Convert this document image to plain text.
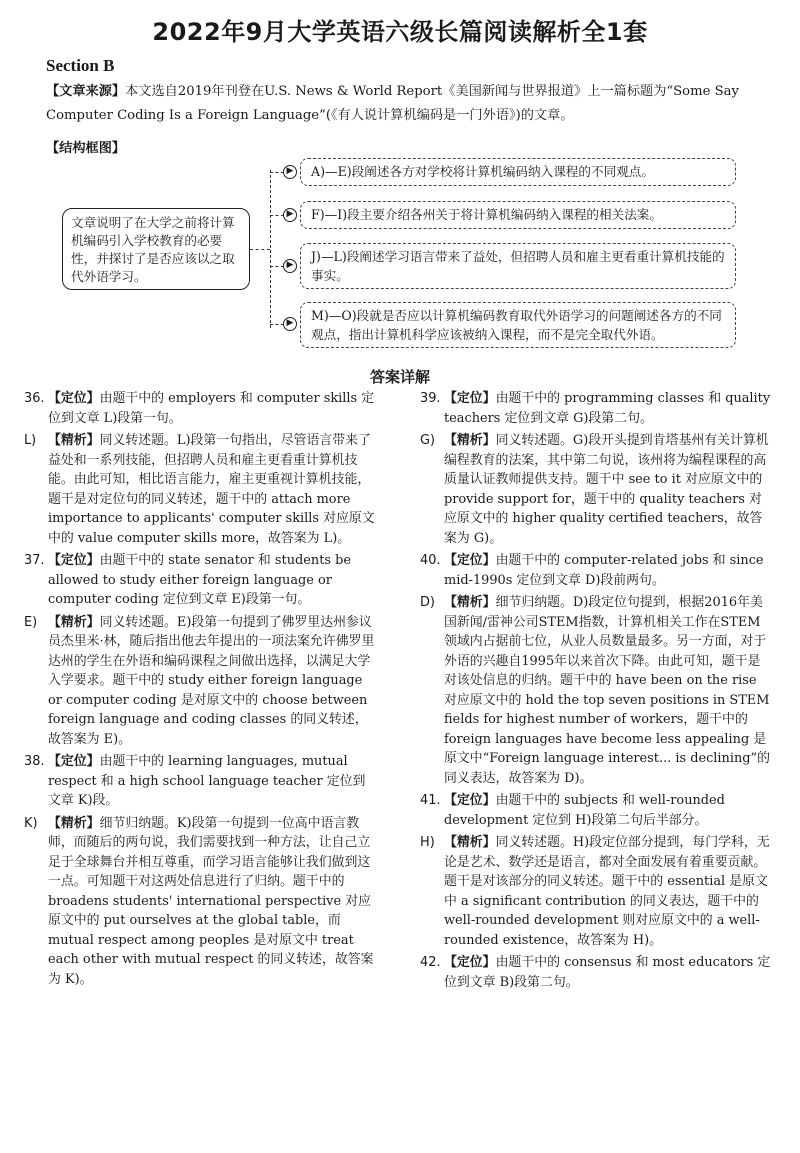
2022年9月大学英语六级长篇阅读解析全1套
Section B
【文章来源】本文选自2019年刊登在U.S. News & World Report《美国新闻与世界报道》上一篇标题为“Some Say Computer Coding Is a Foreign Language”(《有人说计算机编码是一门外语》)的文章。
【结构框图】
文章说明了在大学之前将计算机编码引入学校教育的必要性，并探讨了是否应该以之取代外语学习。
▶	A)—E)段阐述各方对学校将计算机编码纳入课程的不同观点。
▶	F)—I)段主要介绍各州关于将计算机编码纳入课程的相关法案。
▶
J)—L)段阐述学习语言带来了益处，但招聘人员和雇主更看重计算机技能的事实。
▶	M)—O)段就是否应以计算机编码教育取代外语学习的问题阐述各方的不同观点，指出计算机科学应该被纳入课程，而不是完全取代外语。
答案详解
36. 【定位】由题干中的 employers 和 computer skills 定位到文章 L)段第一句。
L) 【精析】同义转述题。L)段第一句指出，尽管语言带来了益处和一系列技能，但招聘人员和雇主更看重计算机技能。由此可知，相比语言能力，雇主更重视计算机技能，题干是对定位句的同义转述，题干中的 attach more importance to applicants' computer skills 对应原文中的 value computer skills more，故答案为 L)。
37. 【定位】由题干中的 state senator 和 students be allowed to study either foreign language or computer coding 定位到文章 E)段第一句。
E) 【精析】同义转述题。E)段第一句提到了佛罗里达州参议员杰里米·林，随后指出他去年提出的一项法案允许佛罗里达州的学生在外语和编码课程之间做出选择，以满足大学入学要求。题干中的 study either foreign language or computer coding 是对原文中的 choose between foreign language and coding classes 的同义转述，故答案为 E)。
38. 【定位】由题干中的 learning languages, mutual respect 和 a high school language teacher 定位到文章 K)段。
K) 【精析】细节归纳题。K)段第一句提到一位高中语言教师，而随后的两句说，我们需要找到一种方法，让自己立足于全球舞台并相互尊重，而学习语言能够让我们做到这一点。可知题干对这两处信息进行了归纳。题干中的 broadens students' international perspective 对应原文中的 put ourselves at the global table，而 mutual respect among peoples 是对原文中 treat each other with mutual respect 的同义转述，故答案为 K)。
39. 【定位】由题干中的 programming classes 和 quality teachers 定位到文章 G)段第二句。
G) 【精析】同义转述题。G)段开头提到肯塔基州有关计算机编程教育的法案，其中第二句说，该州将为编程课程的高质量认证教师提供支持。题干中 see to it 对应原文中的 provide support for，题干中的 quality teachers 对应原文中的 higher quality certified teachers，故答案为 G)。
40. 【定位】由题干中的 computer-related jobs 和 since mid-1990s 定位到文章 D)段前两句。
D) 【精析】细节归纳题。D)段定位句提到，根据2016年美国新闻/雷神公司STEM指数，计算机相关工作在STEM领域内占据前七位，从业人员数量最多。另一方面，对于外语的兴趣自1995年以来首次下降。由此可知，题干是对该处信息的归纳。题干中的 have been on the rise 对应原文中的 hold the top seven positions in STEM fields for highest number of workers，题干中的 foreign languages have become less appealing 是原文中“Foreign language interest... is declining”的同义表达，故答案为 D)。
41. 【定位】由题干中的 subjects 和 well-rounded development 定位到 H)段第二句后半部分。
H) 【精析】同义转述题。H)段定位部分提到，每门学科，无论是艺术、数学还是语言，都对全面发展有着重要贡献。题干是对该部分的同义转述。题干中的 essential 是原文中 a significant contribution 的同义表达，题干中的 well-rounded development 则对应原文中的 a well-rounded existence，故答案为 H)。
42. 【定位】由题干中的 consensus 和 most educators 定位到文章 B)段第二句。
